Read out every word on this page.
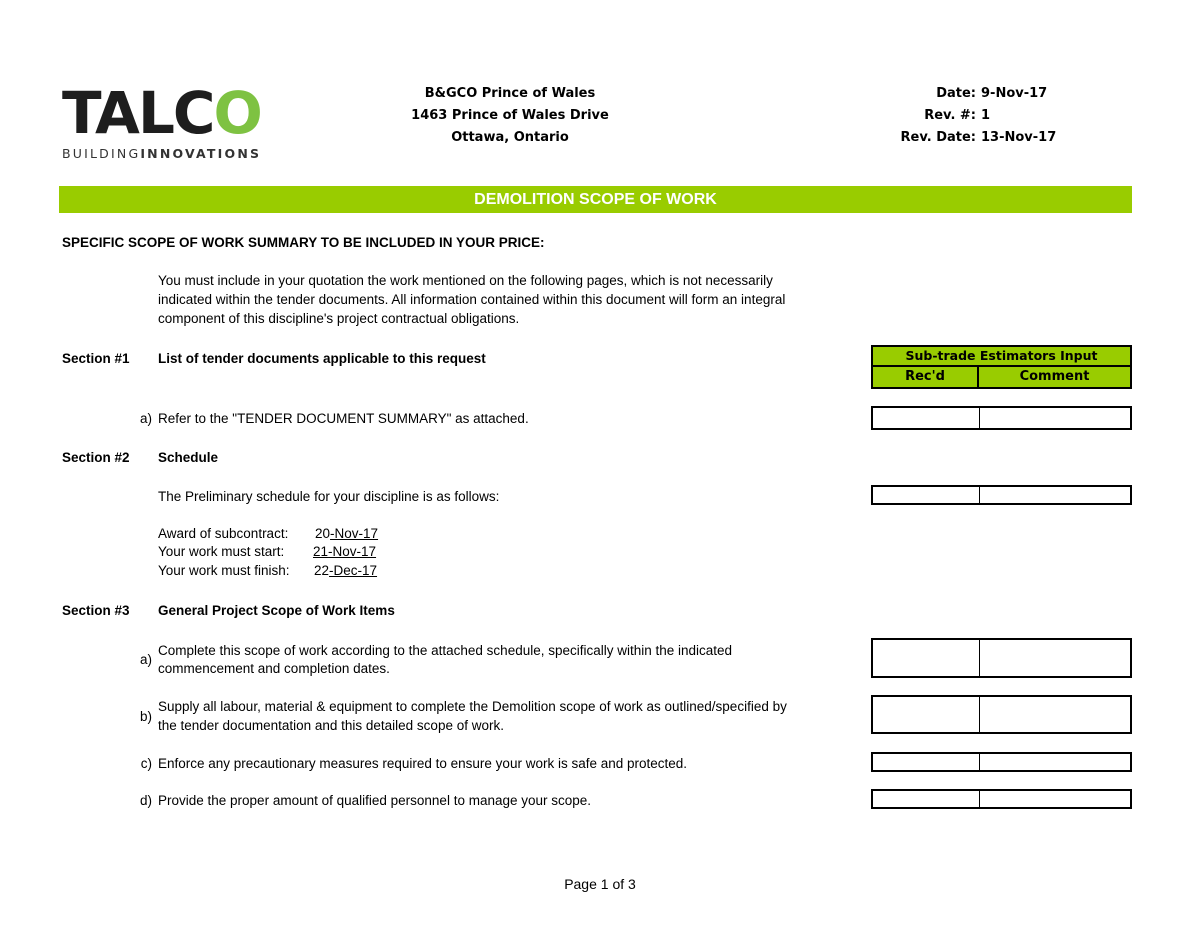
TALCO
BUILDINGINNOVATIONS
B&GCO Prince of Wales
1463 Prince of Wales Drive
Ottawa, Ontario
Date: 9-Nov-17
Rev. #: 1
Rev. Date: 13-Nov-17
DEMOLITION SCOPE OF WORK
SPECIFIC SCOPE OF WORK SUMMARY TO BE INCLUDED IN YOUR PRICE:
You must include in your quotation the work mentioned on the following pages, which is not necessarily
indicated within the tender documents. All information contained within this document will form an integral
component of this discipline's project contractual obligations.
Sub-trade Estimators Input
Rec'd	Comment
Section #1 List of tender documents applicable to this request
a) Refer to the "TENDER DOCUMENT SUMMARY" as attached.
Section #2 Schedule
The Preliminary schedule for your discipline is as follows:
Award of subcontract: 20-Nov-17
Your work must start: 21-Nov-17
Your work must finish: 22-Dec-17
Section #3 General Project Scope of Work Items
a)
Complete this scope of work according to the attached schedule, specifically within the indicated
commencement and completion dates.
b)
Supply all labour, material & equipment to complete the Demolition scope of work as outlined/specified by
the tender documentation and this detailed scope of work.
c) Enforce any precautionary measures required to ensure your work is safe and protected.
d) Provide the proper amount of qualified personnel to manage your scope.
Page 1 of 3
